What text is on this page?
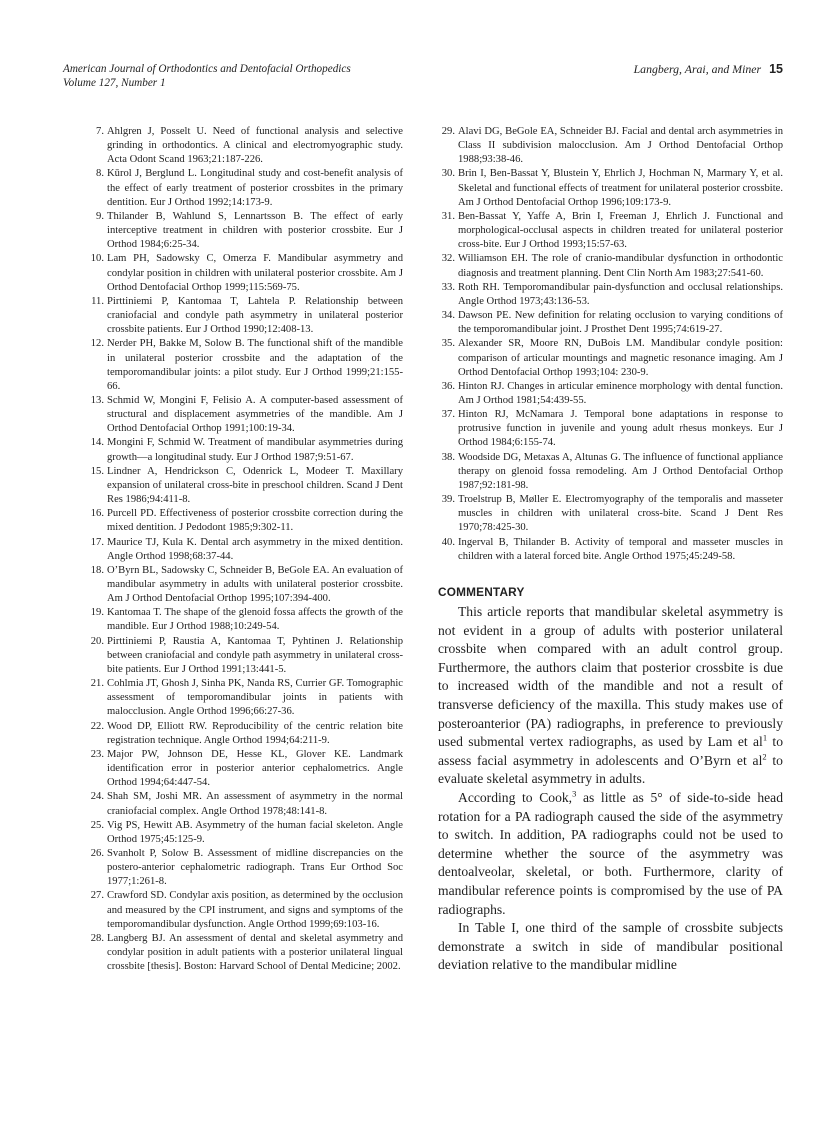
American Journal of Orthodontics and Dentofacial Orthopedics
Volume 127, Number 1
Langberg, Arai, and Miner 15
7. Ahlgren J, Posselt U. Need of functional analysis and selective grinding in orthodontics. A clinical and electromyographic study. Acta Odont Scand 1963;21:187-226.
8. Kūrol J, Berglund L. Longitudinal study and cost-benefit analysis of the effect of early treatment of posterior crossbites in the primary dentition. Eur J Orthod 1992;14:173-9.
9. Thilander B, Wahlund S, Lennartsson B. The effect of early interceptive treatment in children with posterior crossbite. Eur J Orthod 1984;6:25-34.
10. Lam PH, Sadowsky C, Omerza F. Mandibular asymmetry and condylar position in children with unilateral posterior crossbite. Am J Orthod Dentofacial Orthop 1999;115:569-75.
11. Pirttiniemi P, Kantomaa T, Lahtela P. Relationship between craniofacial and condyle path asymmetry in unilateral posterior crossbite patients. Eur J Orthod 1990;12:408-13.
12. Nerder PH, Bakke M, Solow B. The functional shift of the mandible in unilateral posterior crossbite and the adaptation of the temporomandibular joints: a pilot study. Eur J Orthod 1999;21:155-66.
13. Schmid W, Mongini F, Felisio A. A computer-based assessment of structural and displacement asymmetries of the mandible. Am J Orthod Dentofacial Orthop 1991;100:19-34.
14. Mongini F, Schmid W. Treatment of mandibular asymmetries during growth—a longitudinal study. Eur J Orthod 1987;9:51-67.
15. Lindner A, Hendrickson C, Odenrick L, Modeer T. Maxillary expansion of unilateral cross-bite in preschool children. Scand J Dent Res 1986;94:411-8.
16. Purcell PD. Effectiveness of posterior crossbite correction during the mixed dentition. J Pedodont 1985;9:302-11.
17. Maurice TJ, Kula K. Dental arch asymmetry in the mixed dentition. Angle Orthod 1998;68:37-44.
18. O’Byrn BL, Sadowsky C, Schneider B, BeGole EA. An evaluation of mandibular asymmetry in adults with unilateral posterior crossbite. Am J Orthod Dentofacial Orthop 1995;107:394-400.
19. Kantomaa T. The shape of the glenoid fossa affects the growth of the mandible. Eur J Orthod 1988;10:249-54.
20. Pirttiniemi P, Raustia A, Kantomaa T, Pyhtinen J. Relationship between craniofacial and condyle path asymmetry in unilateral cross-bite patients. Eur J Orthod 1991;13:441-5.
21. Cohlmia JT, Ghosh J, Sinha PK, Nanda RS, Currier GF. Tomographic assessment of temporomandibular joints in patients with malocclusion. Angle Orthod 1996;66:27-36.
22. Wood DP, Elliott RW. Reproducibility of the centric relation bite registration technique. Angle Orthod 1994;64:211-9.
23. Major PW, Johnson DE, Hesse KL, Glover KE. Landmark identification error in posterior anterior cephalometrics. Angle Orthod 1994;64:447-54.
24. Shah SM, Joshi MR. An assessment of asymmetry in the normal craniofacial complex. Angle Orthod 1978;48:141-8.
25. Vig PS, Hewitt AB. Asymmetry of the human facial skeleton. Angle Orthod 1975;45:125-9.
26. Svanholt P, Solow B. Assessment of midline discrepancies on the postero-anterior cephalometric radiograph. Trans Eur Orthod Soc 1977;1:261-8.
27. Crawford SD. Condylar axis position, as determined by the occlusion and measured by the CPI instrument, and signs and symptoms of the temporomandibular dysfunction. Angle Orthod 1999;69:103-16.
28. Langberg BJ. An assessment of dental and skeletal asymmetry and condylar position in adult patients with a posterior unilateral lingual crossbite [thesis]. Boston: Harvard School of Dental Medicine; 2002.
29. Alavi DG, BeGole EA, Schneider BJ. Facial and dental arch asymmetries in Class II subdivision malocclusion. Am J Orthod Dentofacial Orthop 1988;93:38-46.
30. Brin I, Ben-Bassat Y, Blustein Y, Ehrlich J, Hochman N, Marmary Y, et al. Skeletal and functional effects of treatment for unilateral posterior crossbite. Am J Orthod Dentofacial Orthop 1996;109:173-9.
31. Ben-Bassat Y, Yaffe A, Brin I, Freeman J, Ehrlich J. Functional and morphological-occlusal aspects in children treated for unilateral posterior cross-bite. Eur J Orthod 1993;15:57-63.
32. Williamson EH. The role of cranio-mandibular dysfunction in orthodontic diagnosis and treatment planning. Dent Clin North Am 1983;27:541-60.
33. Roth RH. Temporomandibular pain-dysfunction and occlusal relationships. Angle Orthod 1973;43:136-53.
34. Dawson PE. New definition for relating occlusion to varying conditions of the temporomandibular joint. J Prosthet Dent 1995;74:619-27.
35. Alexander SR, Moore RN, DuBois LM. Mandibular condyle position: comparison of articular mountings and magnetic resonance imaging. Am J Orthod Dentofacial Orthop 1993;104: 230-9.
36. Hinton RJ. Changes in articular eminence morphology with dental function. Am J Orthod 1981;54:439-55.
37. Hinton RJ, McNamara J. Temporal bone adaptations in response to protrusive function in juvenile and young adult rhesus monkeys. Eur J Orthod 1984;6:155-74.
38. Woodside DG, Metaxas A, Altunas G. The influence of functional appliance therapy on glenoid fossa remodeling. Am J Orthod Dentofacial Orthop 1987;92:181-98.
39. Troelstrup B, Møller E. Electromyography of the temporalis and masseter muscles in children with unilateral cross-bite. Scand J Dent Res 1970;78:425-30.
40. Ingerval B, Thilander B. Activity of temporal and masseter muscles in children with a lateral forced bite. Angle Orthod 1975;45:249-58.
COMMENTARY

This article reports that mandibular skeletal asymmetry is not evident in a group of adults with posterior unilateral crossbite when compared with an adult control group. Furthermore, the authors claim that posterior crossbite is due to increased width of the mandible and not a result of transverse deficiency of the maxilla. This study makes use of posteroanterior (PA) radiographs, in preference to previously used submental vertex radiographs, as used by Lam et $al^1$ to assess facial asymmetry in adolescents and O’Byrn et $al^2$ to evaluate skeletal asymmetry in adults.

According to Cook,$^3$ as little as 5° of side-to-side head rotation for a PA radiograph caused the side of the asymmetry to switch. In addition, PA radiographs could not be used to determine whether the source of the asymmetry was dentoalveolar, skeletal, or both. Furthermore, clarity of mandibular reference points is compromised by the use of PA radiographs.

In Table I, one third of the sample of crossbite subjects demonstrate a switch in side of mandibular positional deviation relative to the mandibular midline
